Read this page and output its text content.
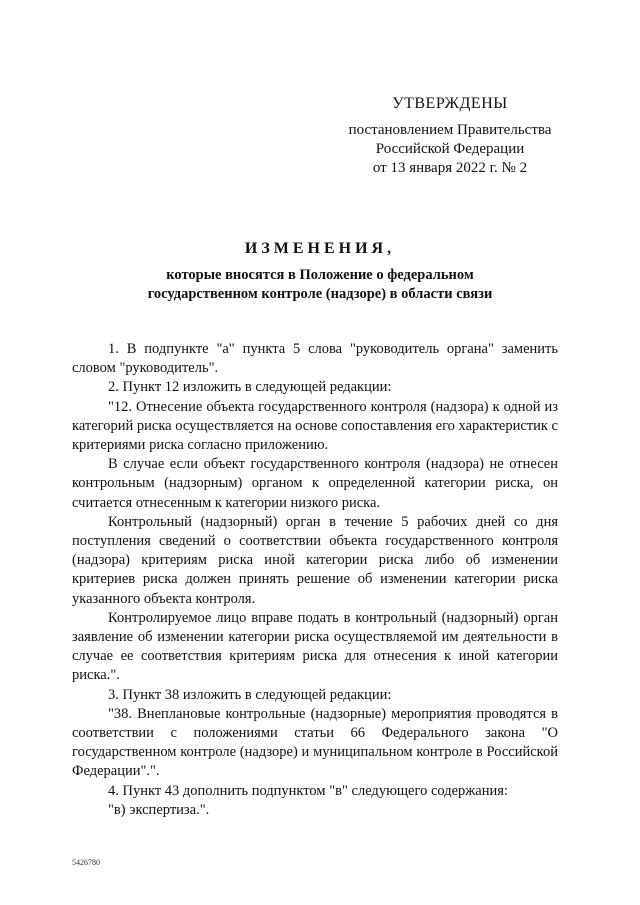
УТВЕРЖДЕНЫ
постановлением Правительства
Российской Федерации
от 13 января 2022 г. № 2
ИЗМЕНЕНИЯ,
которые вносятся в Положение о федеральном
государственном контроле (надзоре) в области связи

1. В подпункте "а" пункта 5 слова "руководитель органа" заменить словом "руководитель".

2. Пункт 12 изложить в следующей редакции:

"12. Отнесение объекта государственного контроля (надзора) к одной из категорий риска осуществляется на основе сопоставления его характеристик с критериями риска согласно приложению.

В случае если объект государственного контроля (надзора) не отнесен контрольным (надзорным) органом к определенной категории риска, он считается отнесенным к категории низкого риска.

Контрольный (надзорный) орган в течение 5 рабочих дней со дня поступления сведений о соответствии объекта государственного контроля (надзора) критериям риска иной категории риска либо об изменении критериев риска должен принять решение об изменении категории риска указанного объекта контроля.

Контролируемое лицо вправе подать в контрольный (надзорный) орган заявление об изменении категории риска осуществляемой им деятельности в случае ее соответствия критериям риска для отнесения к иной категории риска.".

3. Пункт 38 изложить в следующей редакции:

"38. Внеплановые контрольные (надзорные) мероприятия проводятся в соответствии с положениями статьи 66 Федерального закона "О государственном контроле (надзоре) и муниципальном контроле в Российской Федерации".".

4. Пункт 43 дополнить подпунктом "в" следующего содержания:

"в) экспертиза.".

5426780
